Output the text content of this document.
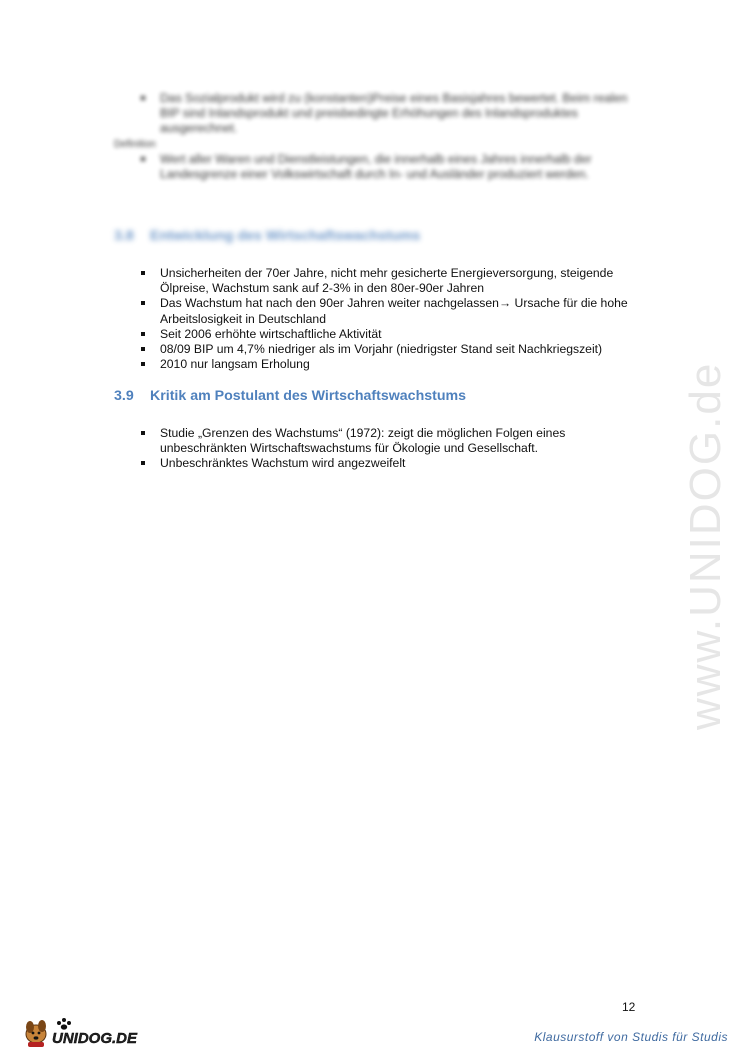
Das Sozialprodukt wird zu (konstanten)Preise eines Basisjahres bewertet. Beim realen BIP sind Inlandsprodukt und preisbedingte Erhöhungen des Inlandsproduktes ausgerechnet.
Definition
Wert aller Waren und Dienstleistungen, die innerhalb eines Jahres innerhalb der Landesgrenze einer Volkswirtschaft durch In- und Ausländer produziert werden.
3.8 Entwicklung des Wirtschaftswachstums
Unsicherheiten der 70er Jahre, nicht mehr gesicherte Energieversorgung, steigende Ölpreise, Wachstum sank auf 2-3% in den 80er-90er Jahren
Das Wachstum hat nach den 90er Jahren weiter nachgelassen→ Ursache für die hohe Arbeitslosigkeit in Deutschland
Seit 2006 erhöhte wirtschaftliche Aktivität
08/09 BIP um 4,7% niedriger als im Vorjahr (niedrigster Stand seit Nachkriegszeit)
2010 nur langsam Erholung
3.9 Kritik am Postulant des Wirtschaftswachstums
Studie „Grenzen des Wachstums“ (1972): zeigt die möglichen Folgen eines unbeschränkten Wirtschaftswachstums für Ökologie und Gesellschaft.
Unbeschränktes Wachstum wird angezweifelt	www.UNIDOG.de
12
UNIDOG.DE	Klausurstoff von Studis für Studis
